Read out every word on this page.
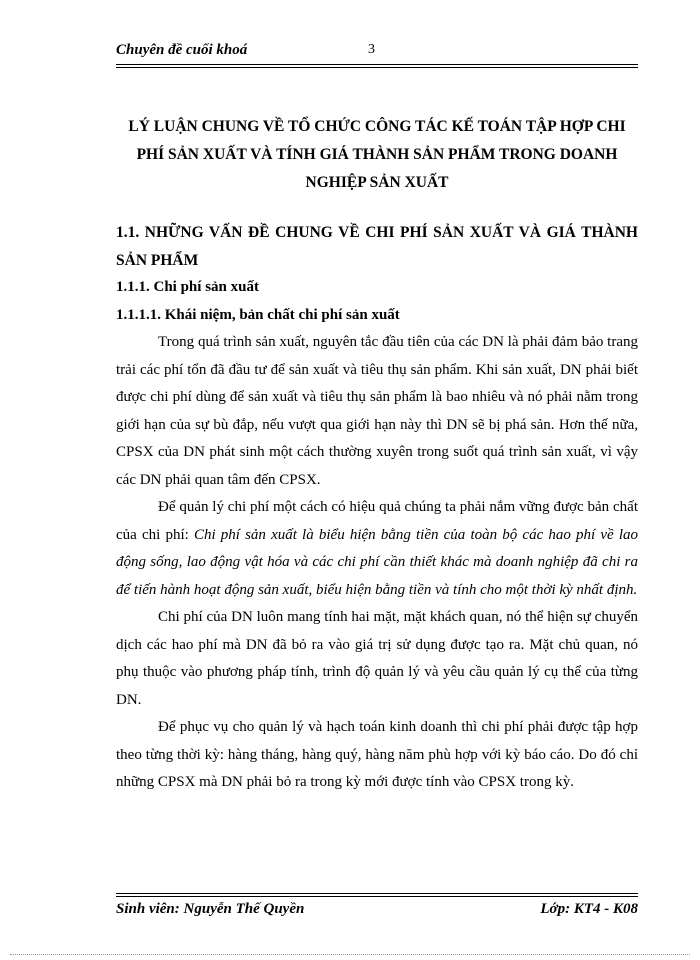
Chuyên đề cuối khoá	3
LÝ LUẬN CHUNG VỀ TỔ CHỨC CÔNG TÁC KẾ TOÁN TẬP HỢP CHI PHÍ SẢN XUẤT VÀ TÍNH GIÁ THÀNH SẢN PHẨM TRONG DOANH NGHIỆP SẢN XUẤT

1.1. NHỮNG VẤN ĐỀ CHUNG VỀ CHI PHÍ SẢN XUẤT VÀ GIÁ THÀNH SẢN PHẨM

1.1.1. Chi phí sản xuất

1.1.1.1. Khái niệm, bản chất chi phí sản xuất

Trong quá trình sản xuất, nguyên tắc đầu tiên của các DN là phải đảm bảo trang trải các phí tổn đã đầu tư để sản xuất và tiêu thụ sản phẩm. Khi sản xuất, DN phải biết được chi phí dùng để sản xuất và tiêu thụ sản phẩm là bao nhiêu và nó phải nằm trong giới hạn của sự bù đắp, nếu vượt qua giới hạn này thì DN sẽ bị phá sản. Hơn thế nữa, CPSX của DN phát sinh một cách thường xuyên trong suốt quá trình sản xuất, vì vậy các DN phải quan tâm đến CPSX.

Để quản lý chi phí một cách có hiệu quả chúng ta phải nắm vững được bản chất của chi phí: Chi phí sản xuất là biểu hiện bằng tiền của toàn bộ các hao phí về lao động sống, lao động vật hóa và các chi phí cần thiết khác mà doanh nghiệp đã chi ra để tiến hành hoạt động sản xuất, biểu hiện bằng tiền và tính cho một thời kỳ nhất định.

Chi phí của DN luôn mang tính hai mặt, mặt khách quan, nó thể hiện sự chuyển dịch các hao phí mà DN đã bỏ ra vào giá trị sử dụng được tạo ra. Mặt chủ quan, nó phụ thuộc vào phương pháp tính, trình độ quản lý và yêu cầu quản lý cụ thể của từng DN.

Để phục vụ cho quản lý và hạch toán kinh doanh thì chi phí phải được tập hợp theo từng thời kỳ: hàng tháng, hàng quý, hàng năm phù hợp với kỳ báo cáo. Do đó chỉ những CPSX mà DN phải bỏ ra trong kỳ mới được tính vào CPSX trong kỳ.

Sinh viên: Nguyễn Thế Quyền	Lớp: KT4 - K08
